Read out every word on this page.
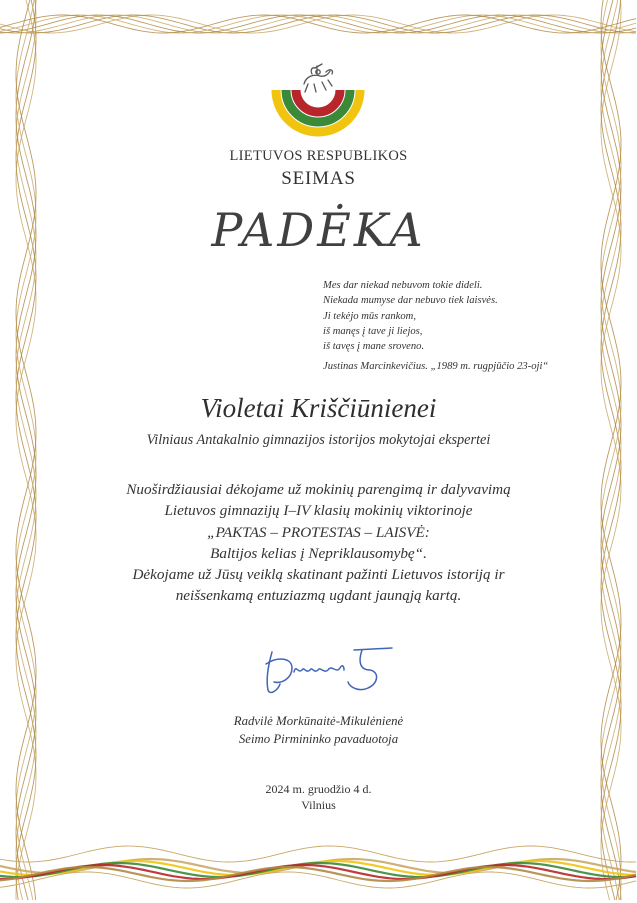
LIETUVOS RESPUBLIKOS
SEIMAS
PADĖKA
Mes dar niekad nebuvom tokie dideli.
Niekada mumyse dar nebuvo tiek laisvės.
Ji tekėjo mūs rankom,
iš manęs į tave ji liejos,
iš tavęs į mane sroveno.
Justinas Marcinkevičius. „1989 m. rugpjūčio 23-oji“
Violetai Kriščiūnienei
Vilniaus Antakalnio gimnazijos istorijos mokytojai ekspertei
Nuoširdžiausiai dėkojame už mokinių parengimą ir dalyvavimą
Lietuvos gimnazijų I–IV klasių mokinių viktorinoje
„PAKTAS – PROTESTAS – LAISVĖ:
Baltijos kelias į Nepriklausomybę“.
Dėkojame už Jūsų veiklą skatinant pažinti Lietuvos istoriją ir
neišsenkamą entuziazmą ugdant jaunąją kartą.
Radvilė Morkūnaitė-Mikulėnienė
Seimo Pirmininko pavaduotoja
2024 m. gruodžio 4 d.
Vilnius
